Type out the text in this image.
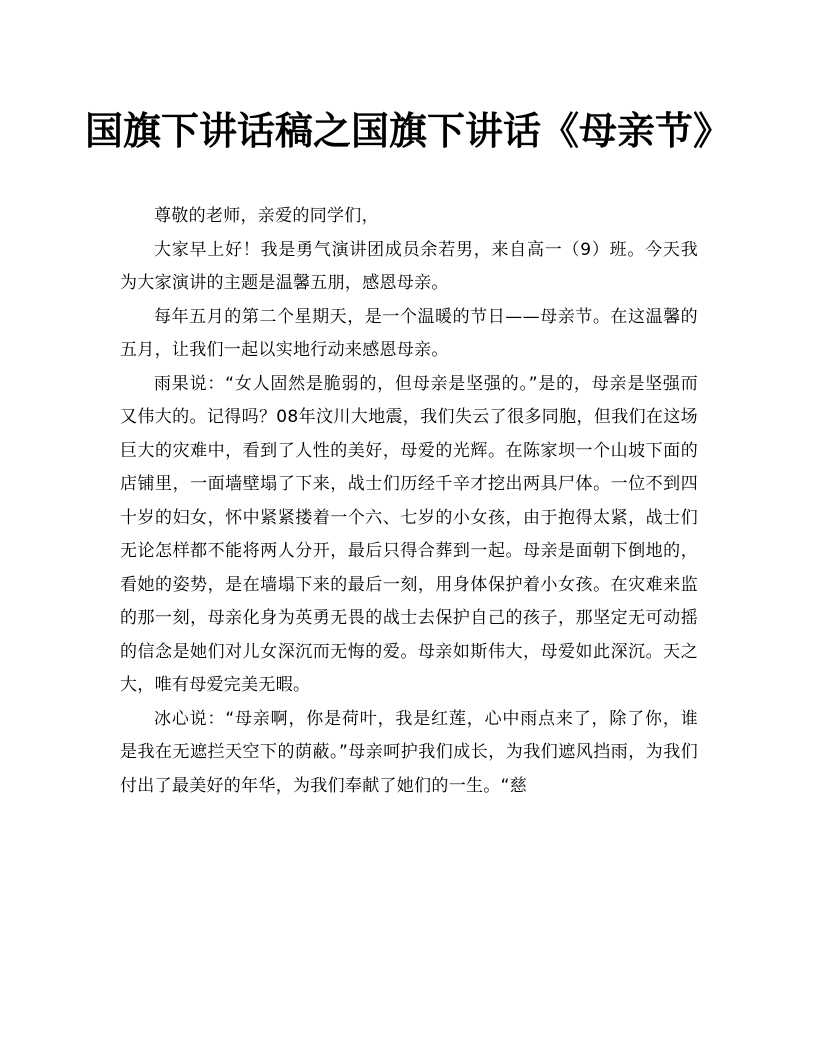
国旗下讲话稿之国旗下讲话《母亲节》

尊敬的老师，亲爱的同学们，

大家早上好！我是勇气演讲团成员余若男，来自高一（9）班。今天我为大家演讲的主题是温馨五朋，感恩母亲。

每年五月的第二个星期天，是一个温暖的节日——母亲节。在这温馨的五月，让我们一起以实地行动来感恩母亲。

雨果说：“女人固然是脆弱的，但母亲是坚强的。”是的，母亲是坚强而又伟大的。记得吗？08年汶川大地震，我们失云了很多同胞，但我们在这场巨大的灾难中，看到了人性的美好，母爱的光辉。在陈家坝一个山坡下面的店铺里，一面墙壁塌了下来，战士们历经千辛才挖出两具尸体。一位不到四十岁的妇女，怀中紧紧搂着一个六、七岁的小女孩，由于抱得太紧，战士们无论怎样都不能将两人分开，最后只得合葬到一起。母亲是面朝下倒地的，看她的姿势，是在墙塌下来的最后一刻，用身体保护着小女孩。在灾难来监的那一刻，母亲化身为英勇无畏的战士去保护自己的孩子，那坚定无可动摇的信念是她们对儿女深沉而无悔的爱。母亲如斯伟大，母爱如此深沉。天之大，唯有母爱完美无暇。

冰心说：“母亲啊，你是荷叶，我是红莲，心中雨点来了，除了你，谁是我在无遮拦天空下的荫蔽。”母亲呵护我们成长，为我们遮风挡雨，为我们付出了最美好的年华，为我们奉献了她们的一生。“慈
